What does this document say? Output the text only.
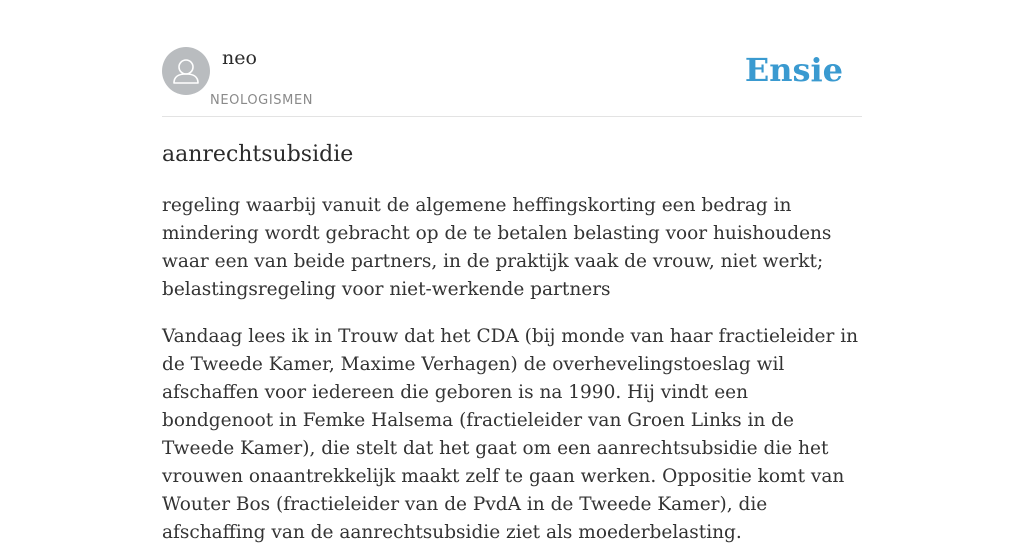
neo
NEOLOGISMEN
Ensie
aanrechtsubsidie

regeling waarbij vanuit de algemene heffingskorting een bedrag in mindering wordt gebracht op de te betalen belasting voor huishoudens waar een van beide partners, in de praktijk vaak de vrouw, niet werkt; belastingsregeling voor niet-werkende partners

Vandaag lees ik in Trouw dat het CDA (bij monde van haar fractieleider in de Tweede Kamer, Maxime Verhagen) de overhevelingstoeslag wil afschaffen voor iedereen die geboren is na 1990. Hij vindt een bondgenoot in Femke Halsema (fractieleider van Groen Links in de Tweede Kamer), die stelt dat het gaat om een aanrechtsubsidie die het vrouwen onaantrekkelijk maakt zelf te gaan werken. Oppositie komt van Wouter Bos (fractieleider van de PvdA in de Tweede Kamer), die afschaffing van de aanrechtsubsidie ziet als moederbelasting.
